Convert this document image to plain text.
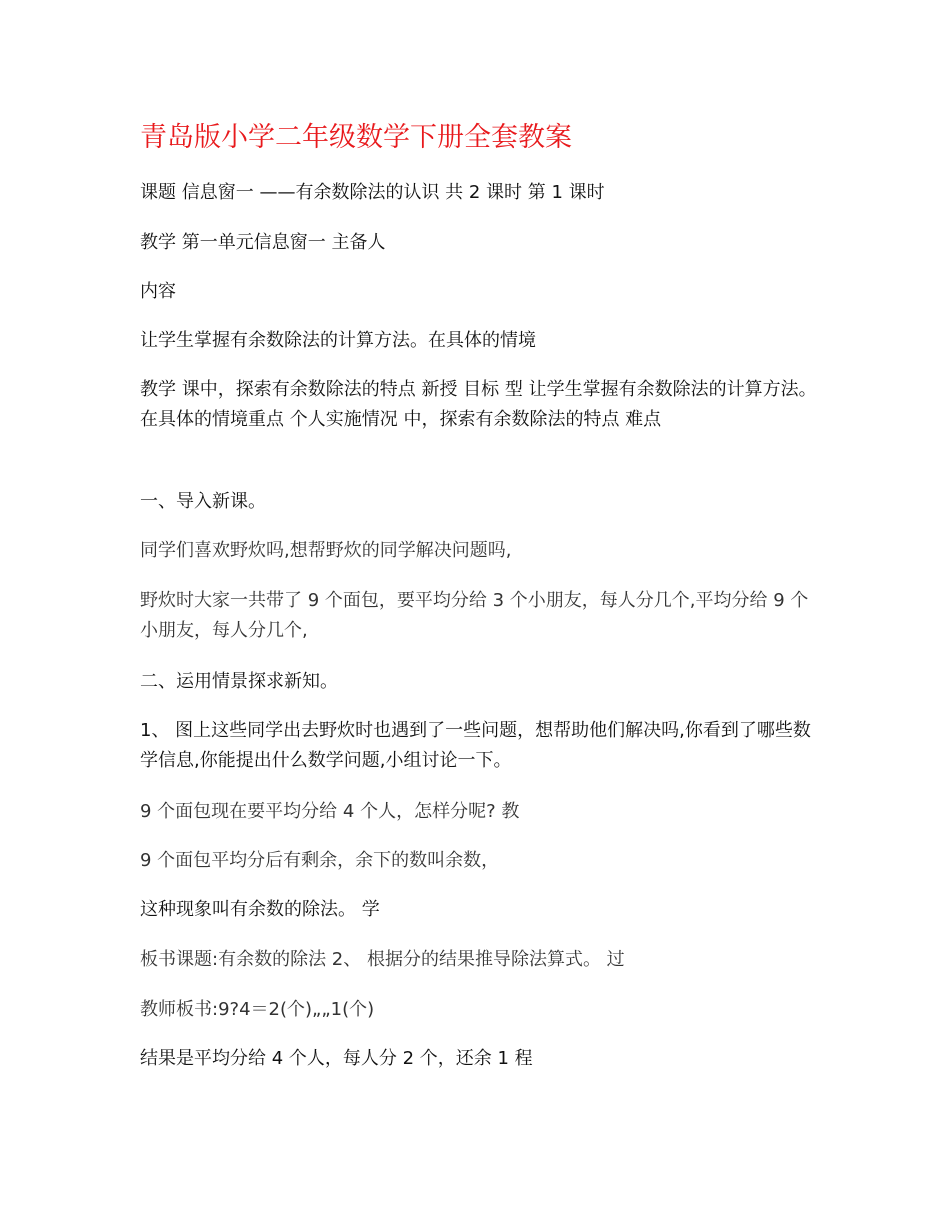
青岛版小学二年级数学下册全套教案

课题 信息窗一 ——有余数除法的认识 共 2 课时 第 1 课时

教学 第一单元信息窗一 主备人

内容

让学生掌握有余数除法的计算方法。在具体的情境

教学 课中，探索有余数除法的特点 新授 目标 型 让学生掌握有余数除法的计算方法。在具体的情境重点 个人实施情况 中，探索有余数除法的特点 难点

一、导入新课。

同学们喜欢野炊吗,想帮野炊的同学解决问题吗,

野炊时大家一共带了 9 个面包，要平均分给 3 个小朋友，每人分几个,平均分给 9 个小朋友，每人分几个,

二、运用情景探求新知。

1、 图上这些同学出去野炊时也遇到了一些问题，想帮助他们解决吗,你看到了哪些数学信息,你能提出什么数学问题,小组讨论一下。

9 个面包现在要平均分给 4 个人，怎样分呢? 教

9 个面包平均分后有剩余，余下的数叫余数，

这种现象叫有余数的除法。 学

板书课题:有余数的除法 2、 根据分的结果推导除法算式。 过

教师板书:9?4＝2(个)„„1(个)

结果是平均分给 4 个人，每人分 2 个，还余 1 程
